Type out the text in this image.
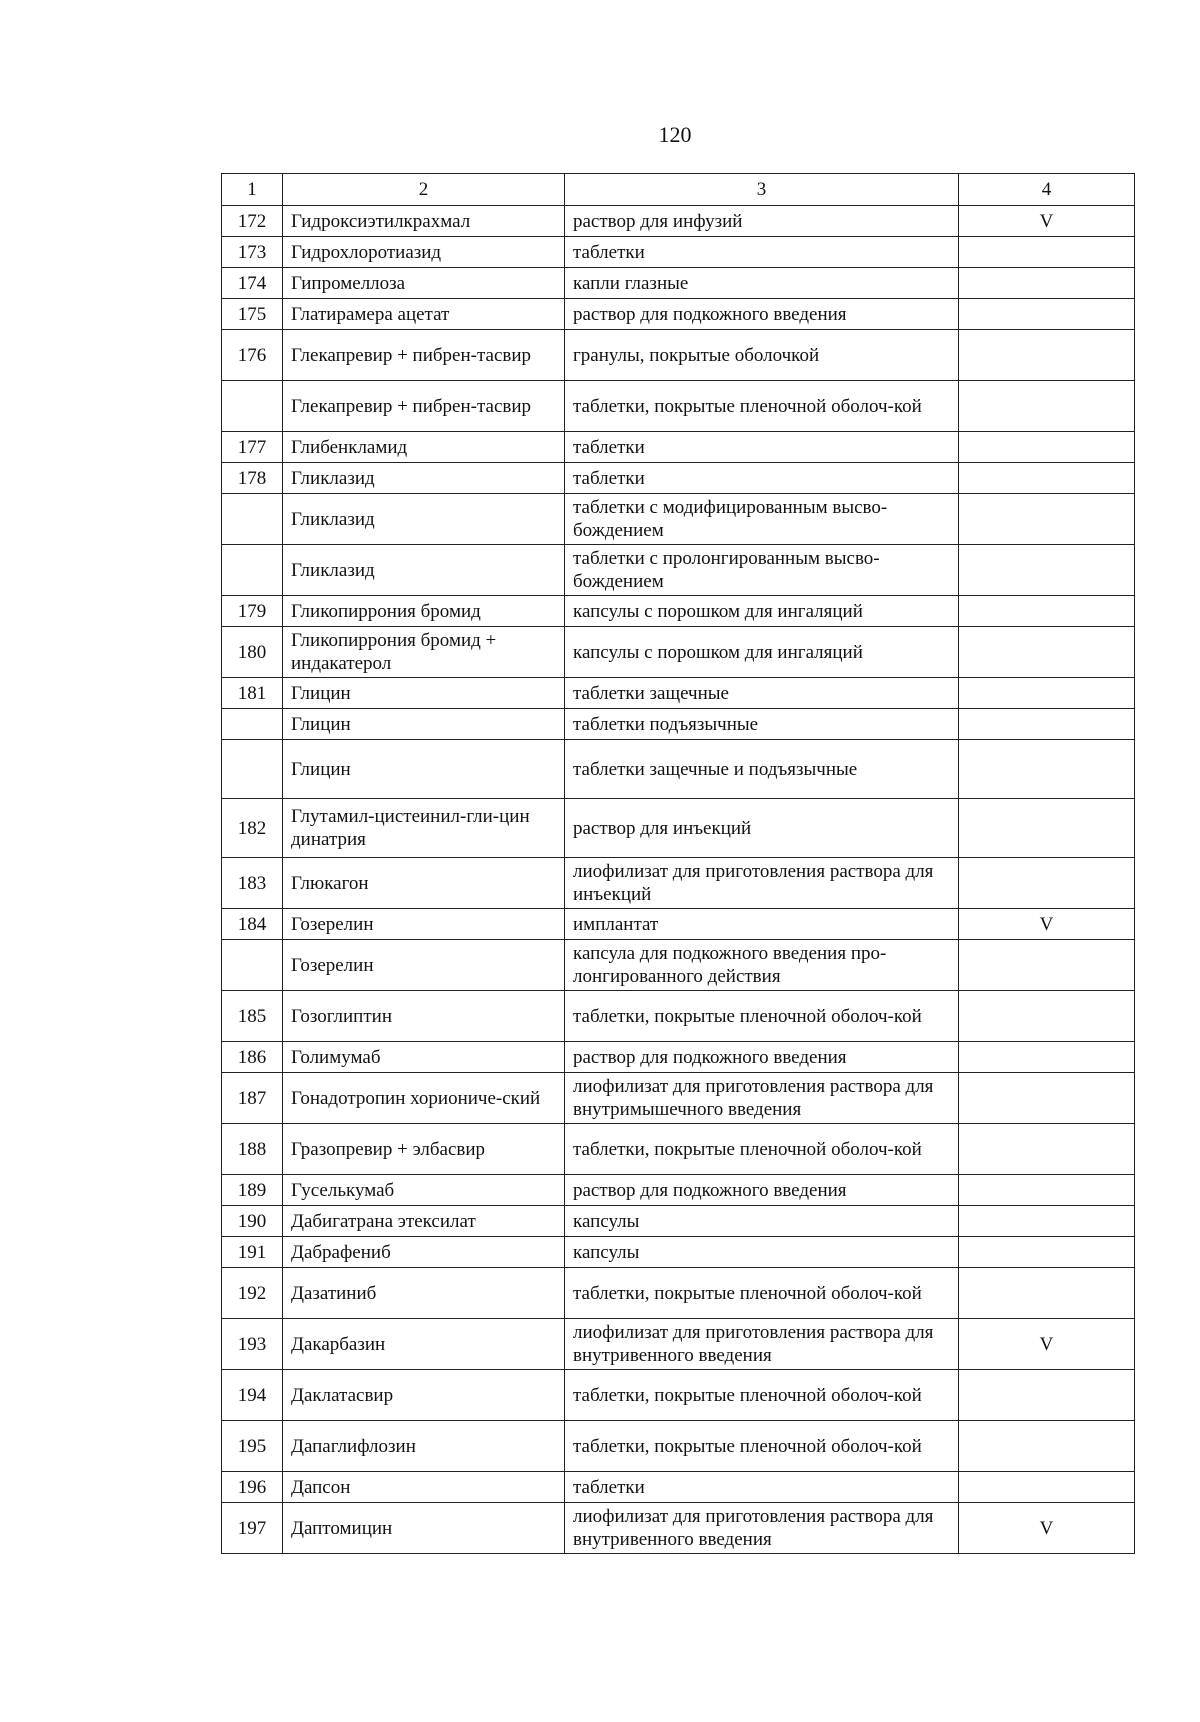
120
1	2	3	4
172	Гидроксиэтилкрахмал	раствор для инфузий	V
173	Гидрохлоротиазид	таблетки	
174	Гипромеллоза	капли глазные	
175	Глатирамера ацетат	раствор для подкожного введения	
176	Глекапревир + пибрен-тасвир	гранулы, покрытые оболочкой	
	Глекапревир + пибрен-тасвир	таблетки, покрытые пленочной оболоч-кой	
177	Глибенкламид	таблетки	
178	Гликлазид	таблетки	
	Гликлазид	таблетки с модифицированным высво-бождением	
	Гликлазид	таблетки с пролонгированным высво-бождением	
179	Гликопиррония бромид	капсулы с порошком для ингаляций	
180	Гликопиррония бромид + индакатерол	капсулы с порошком для ингаляций	
181	Глицин	таблетки защечные	
	Глицин	таблетки подъязычные	
	Глицин	таблетки защечные и подъязычные	
182	Глутамил-цистеинил-гли-цин динатрия	раствор для инъекций	
183	Глюкагон	лиофилизат для приготовления раствора для инъекций	
184	Гозерелин	имплантат	V
	Гозерелин	капсула для подкожного введения про-лонгированного действия	
185	Гозоглиптин	таблетки, покрытые пленочной оболоч-кой	
186	Голимумаб	раствор для подкожного введения	
187	Гонадотропин хориониче-ский	лиофилизат для приготовления раствора для внутримышечного введения	
188	Гразопревир + элбасвир	таблетки, покрытые пленочной оболоч-кой	
189	Гуселькумаб	раствор для подкожного введения	
190	Дабигатрана этексилат	капсулы	
191	Дабрафениб	капсулы	
192	Дазатиниб	таблетки, покрытые пленочной оболоч-кой	
193	Дакарбазин	лиофилизат для приготовления раствора для внутривенного введения	V
194	Даклатасвир	таблетки, покрытые пленочной оболоч-кой	
195	Дапаглифлозин	таблетки, покрытые пленочной оболоч-кой	
196	Дапсон	таблетки	
197	Даптомицин	лиофилизат для приготовления раствора для внутривенного введения	V
